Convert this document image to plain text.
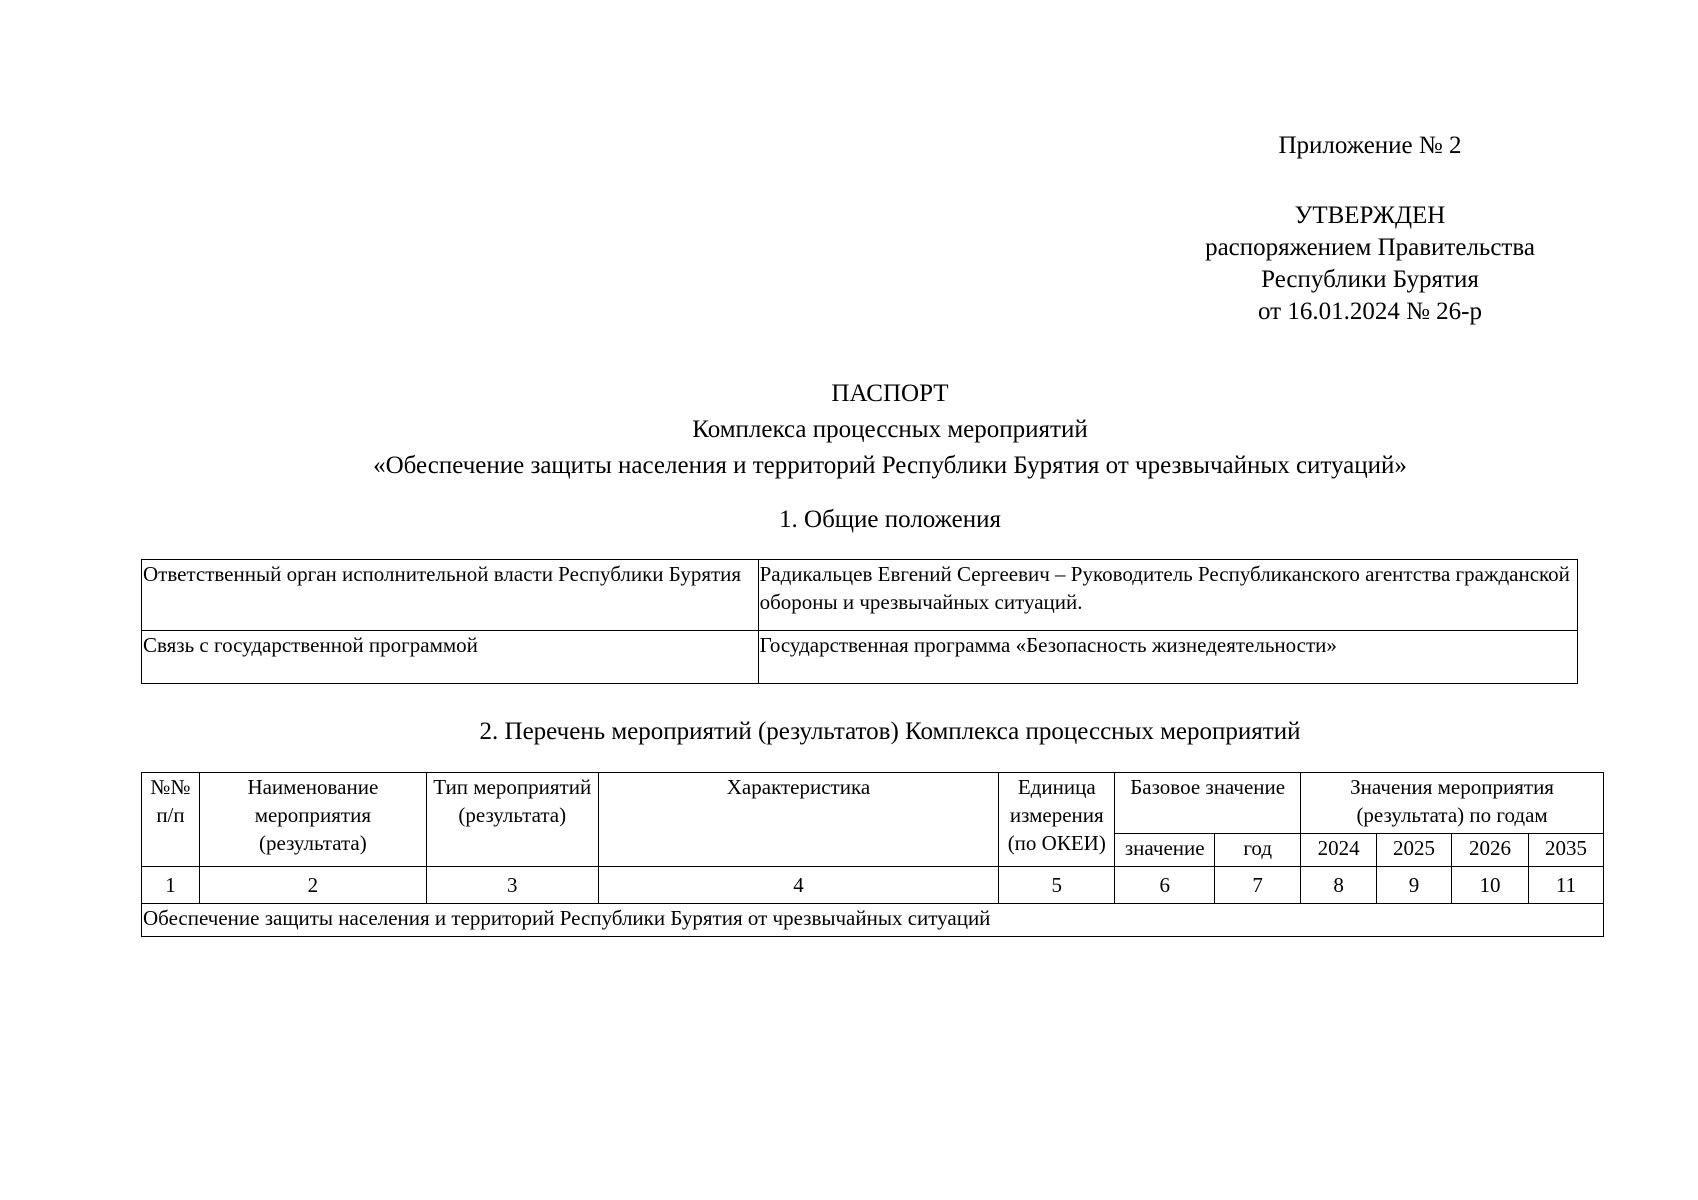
Приложение № 2
УТВЕРЖДЕН
распоряжением Правительства
Республики Бурятия
от 16.01.2024 № 26-р
ПАСПОРТ
Комплекса процессных мероприятий
«Обеспечение защиты населения и территорий Республики Бурятия от чрезвычайных ситуаций»
1. Общие положения
Ответственный орган исполнительной власти Республики Бурятия	Радикальцев Евгений Сергеевич – Руководитель Республиканского агентства гражданской обороны и чрезвычайных ситуаций.
Связь с государственной программой	Государственная программа «Безопасность жизнедеятельности»
2. Перечень мероприятий (результатов) Комплекса процессных мероприятий
№№ п/п	Наименование мероприятия (результата)	Тип мероприятий (результата)	Характеристика	Единица измерения (по ОКЕИ)	Базовое значение		Значения мероприятия (результата) по годам			
					значение	год	2024	2025	2026	2035
1	2	3	4	5	6	7	8	9	10	11
Обеспечение защиты населения и территорий Республики Бурятия от чрезвычайных ситуаций										
